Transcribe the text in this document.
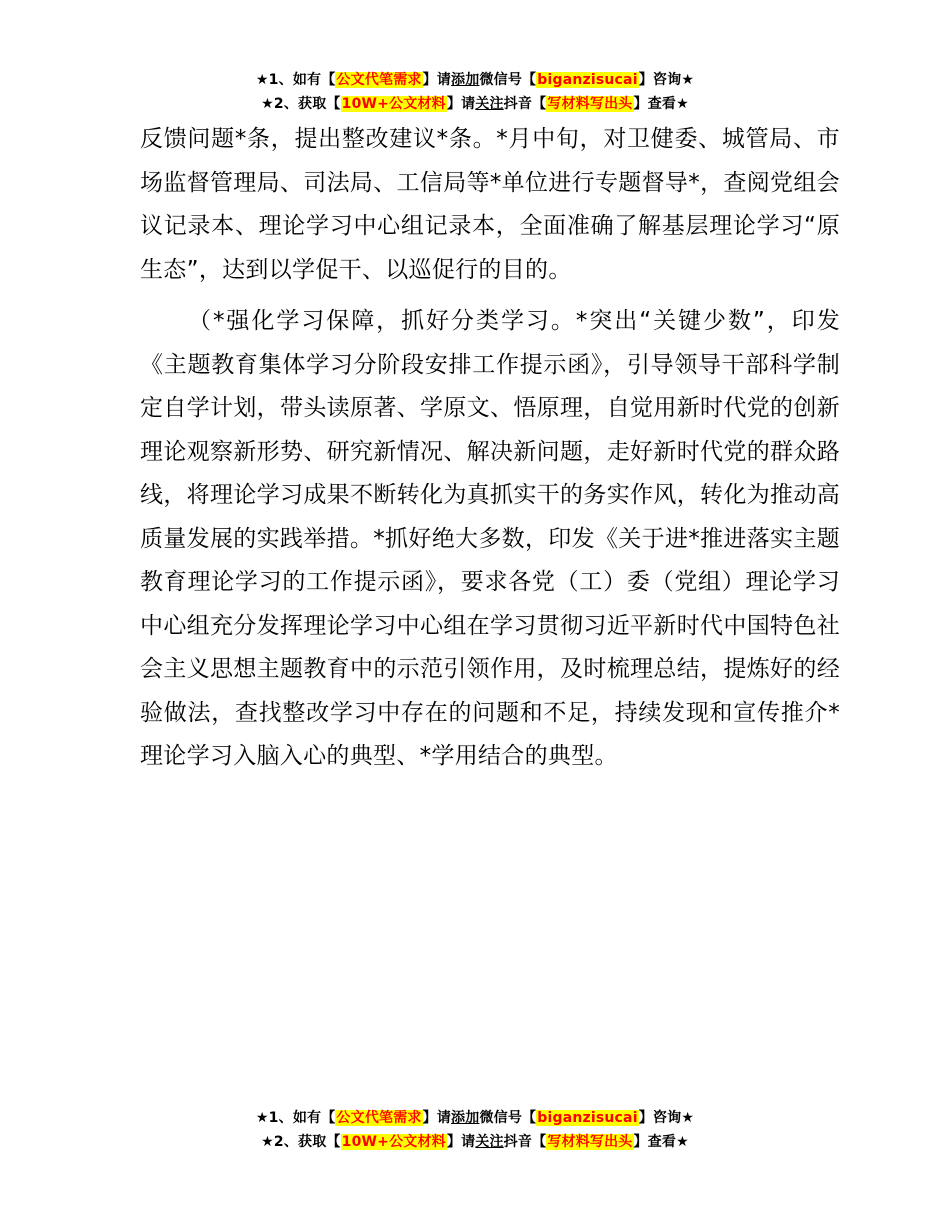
★1、如有【公文代笔需求】请添加微信号【biganzisucai】咨询★
★2、获取【10W+公文材料】请关注抖音【写材料写出头】查看★

反馈问题*条，提出整改建议*条。*月中旬，对卫健委、城管局、市场监督管理局、司法局、工信局等*单位进行专题督导*，查阅党组会议记录本、理论学习中心组记录本，全面准确了解基层理论学习“原生态”，达到以学促干、以巡促行的目的。

（*强化学习保障，抓好分类学习。*突出“关键少数”，印发《主题教育集体学习分阶段安排工作提示函》，引导领导干部科学制定自学计划，带头读原著、学原文、悟原理，自觉用新时代党的创新理论观察新形势、研究新情况、解决新问题，走好新时代党的群众路线，将理论学习成果不断转化为真抓实干的务实作风，转化为推动高质量发展的实践举措。*抓好绝大多数，印发《关于进*推进落实主题教育理论学习的工作提示函》，要求各党（工）委（党组）理论学习中心组充分发挥理论学习中心组在学习贯彻习近平新时代中国特色社会主义思想主题教育中的示范引领作用，及时梳理总结，提炼好的经验做法，查找整改学习中存在的问题和不足，持续发现和宣传推介*理论学习入脑入心的典型、*学用结合的典型。

★1、如有【公文代笔需求】请添加微信号【biganzisucai】咨询★
★2、获取【10W+公文材料】请关注抖音【写材料写出头】查看★
